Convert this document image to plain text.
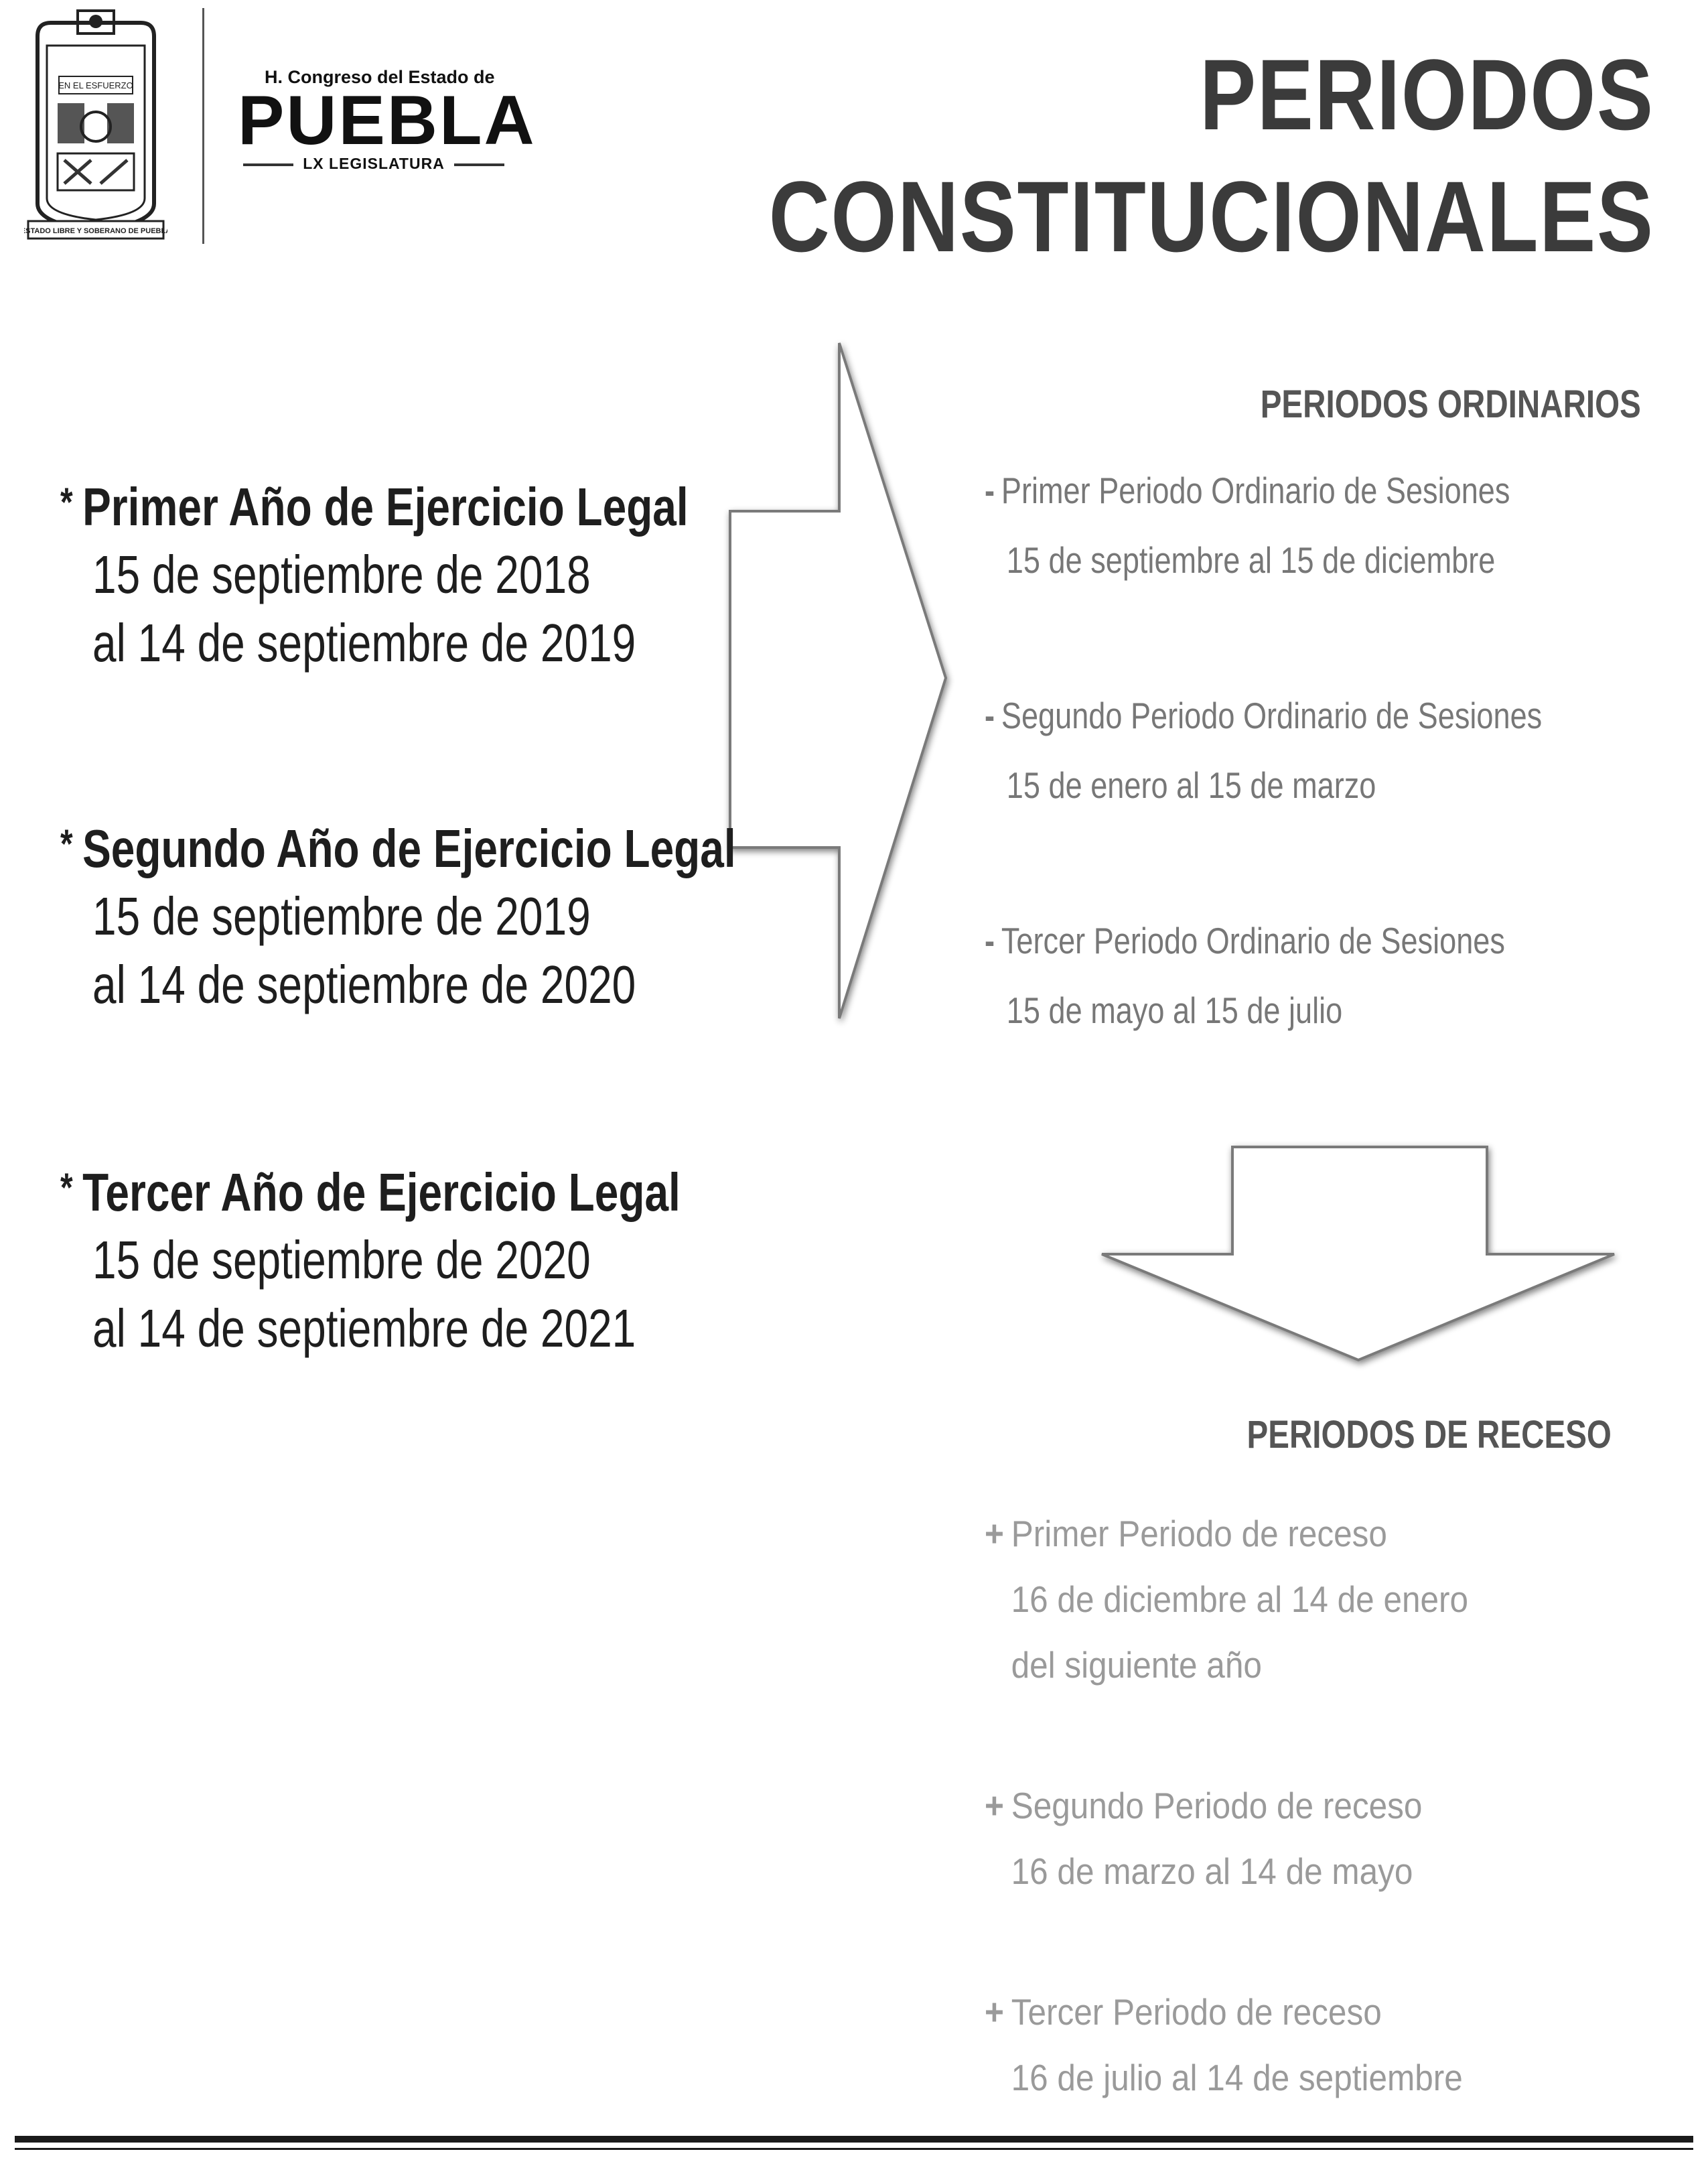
EN EL ESFUERZO
ESTADO LIBRE Y SOBERANO DE PUEBLA
H. Congreso del Estado de
PUEBLA
LX LEGISLATURA
PERIODOS
CONSTITUCIONALES
* Primer Año de Ejercicio Legal
15 de septiembre de 2018
al 14 de septiembre de 2019
* Segundo Año de Ejercicio Legal
15 de septiembre de 2019
al 14 de septiembre de 2020
* Tercer Año de Ejercicio Legal
15 de septiembre de 2020
al 14 de septiembre de 2021
PERIODOS ORDINARIOS
- Primer Periodo Ordinario de Sesiones
15 de septiembre al 15 de diciembre
- Segundo Periodo Ordinario de Sesiones
15 de enero al 15 de marzo
- Tercer Periodo Ordinario de Sesiones
15 de mayo al 15 de julio
PERIODOS DE RECESO
+ Primer Periodo de receso
16 de diciembre al 14 de enero
del siguiente año
+ Segundo Periodo de receso
16 de marzo al 14 de mayo
+ Tercer Periodo de receso
16 de julio al 14 de septiembre
